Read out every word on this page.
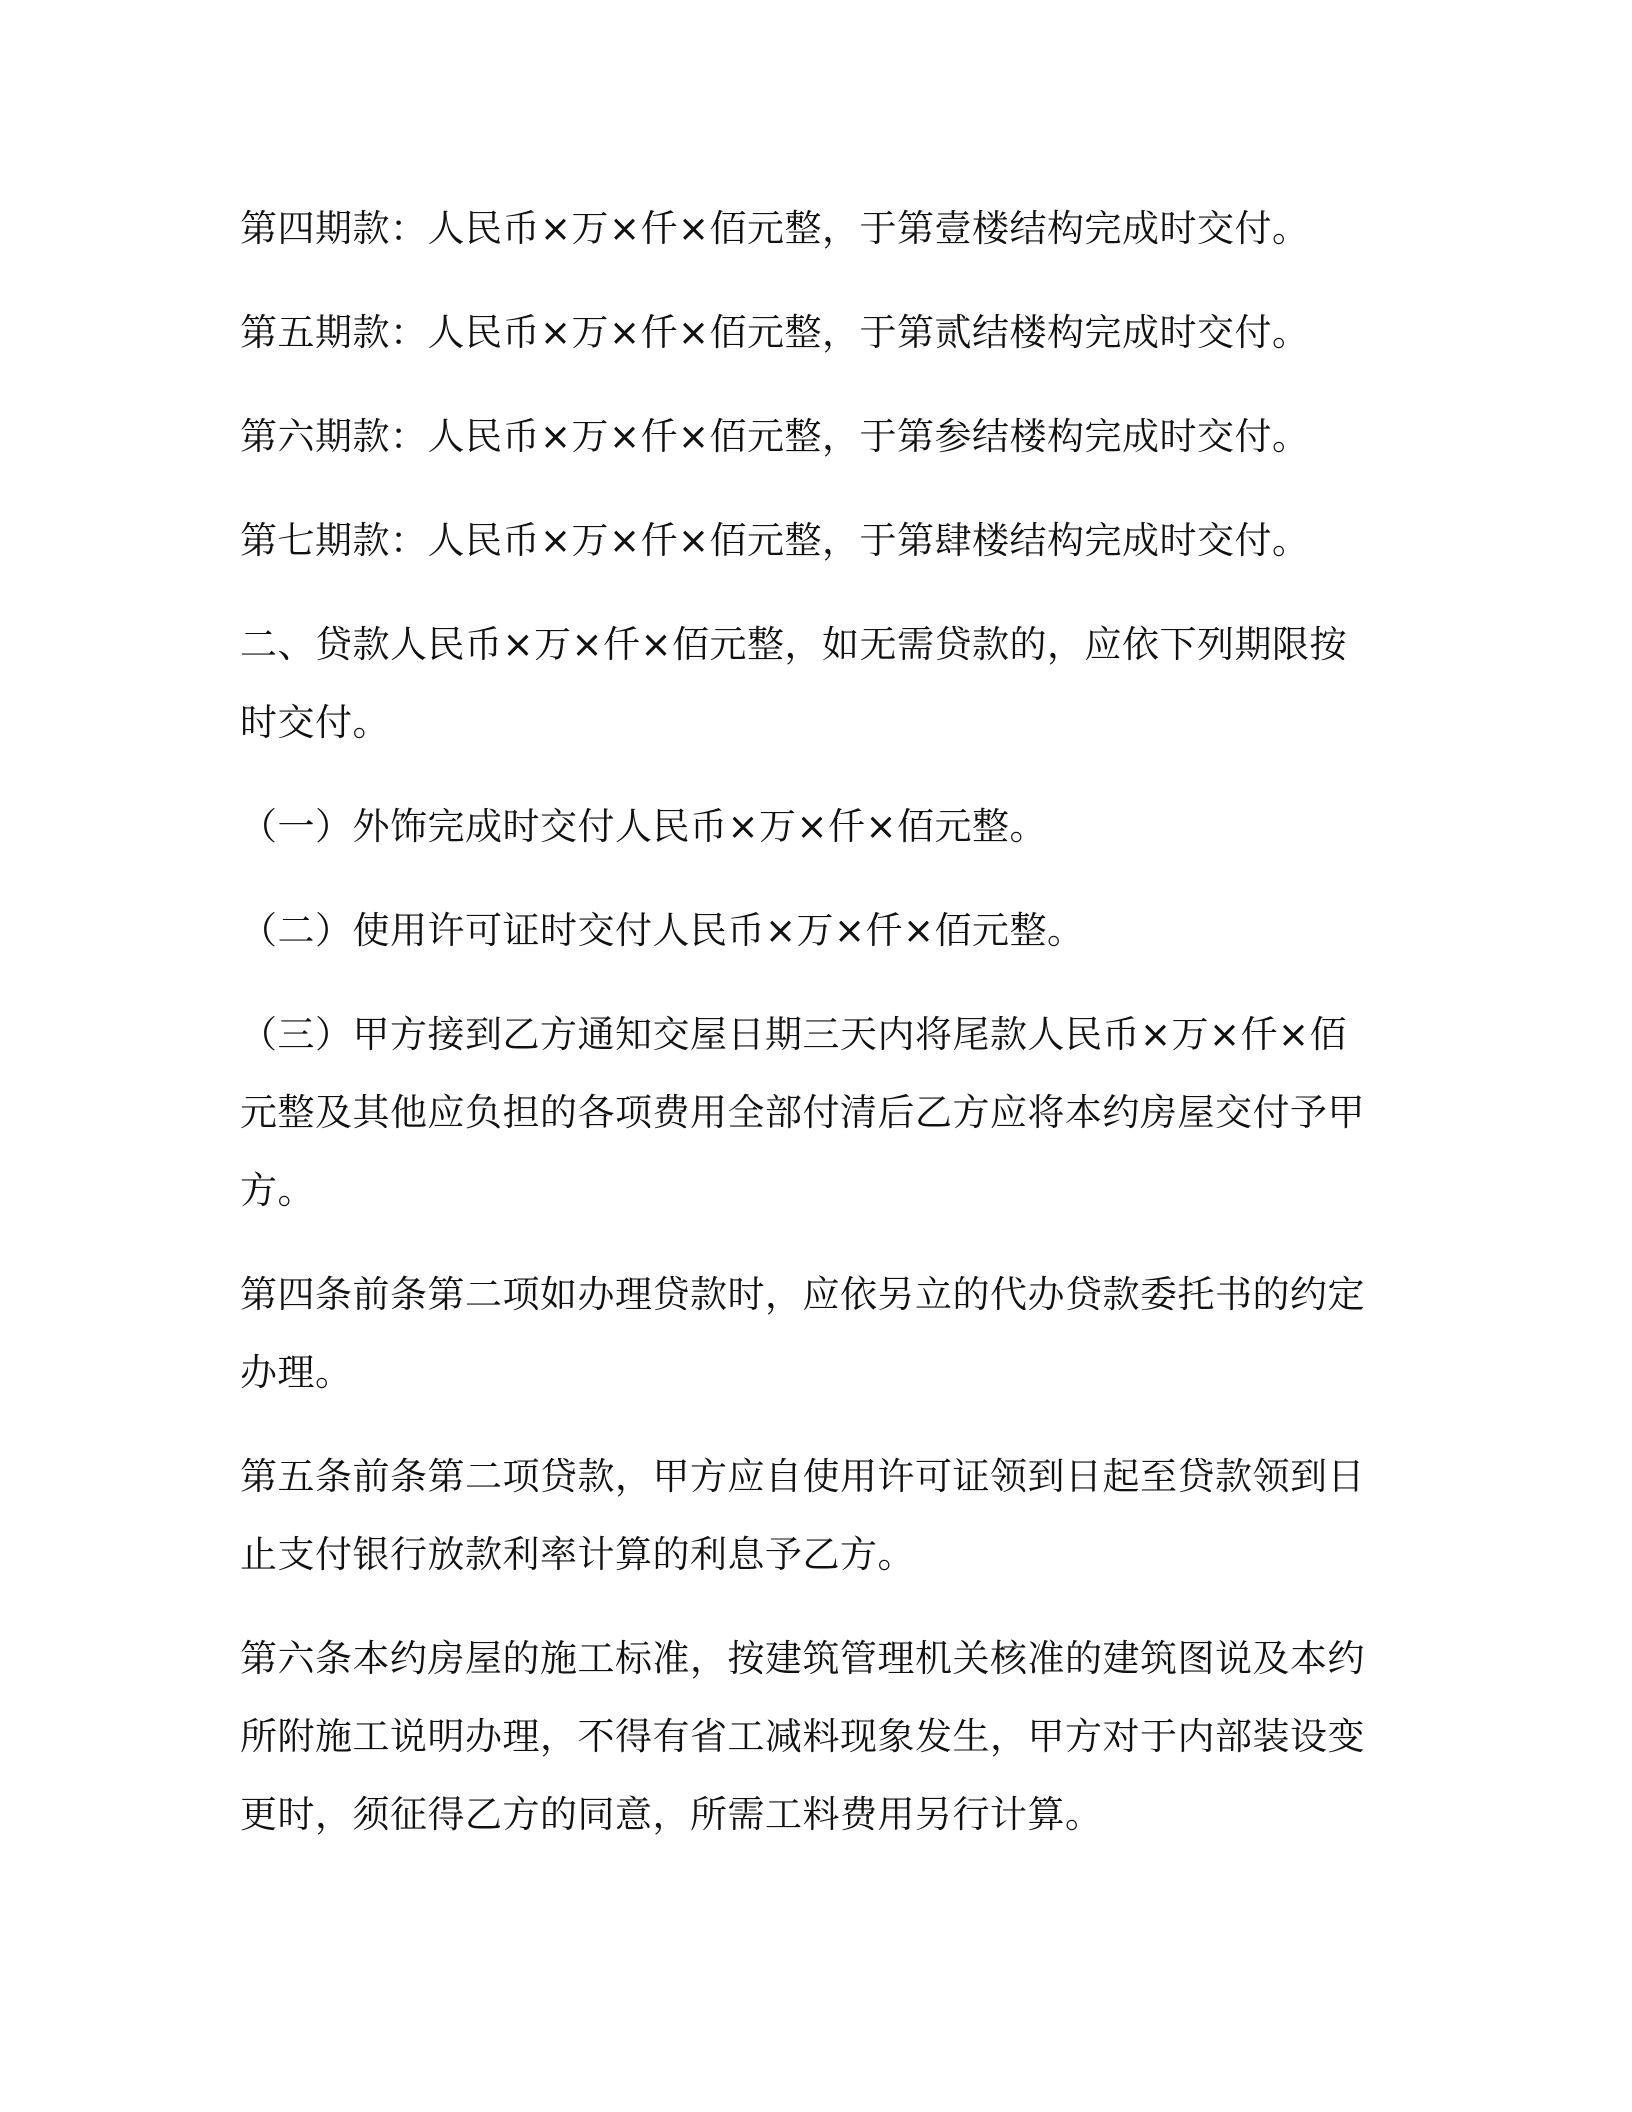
第四期款：人民币×万×仟×佰元整，于第壹楼结构完成时交付。

第五期款：人民币×万×仟×佰元整，于第贰结楼构完成时交付。

第六期款：人民币×万×仟×佰元整，于第参结楼构完成时交付。

第七期款：人民币×万×仟×佰元整，于第肆楼结构完成时交付。

二、贷款人民币×万×仟×佰元整，如无需贷款的，应依下列期限按时交付。

（一）外饰完成时交付人民币×万×仟×佰元整。

（二）使用许可证时交付人民币×万×仟×佰元整。

（三）甲方接到乙方通知交屋日期三天内将尾款人民币×万×仟×佰元整及其他应负担的各项费用全部付清后乙方应将本约房屋交付予甲方。

第四条前条第二项如办理贷款时，应依另立的代办贷款委托书的约定办理。

第五条前条第二项贷款，甲方应自使用许可证领到日起至贷款领到日止支付银行放款利率计算的利息予乙方。

第六条本约房屋的施工标准，按建筑管理机关核准的建筑图说及本约所附施工说明办理，不得有省工减料现象发生，甲方对于内部装设变更时，须征得乙方的同意，所需工料费用另行计算。
